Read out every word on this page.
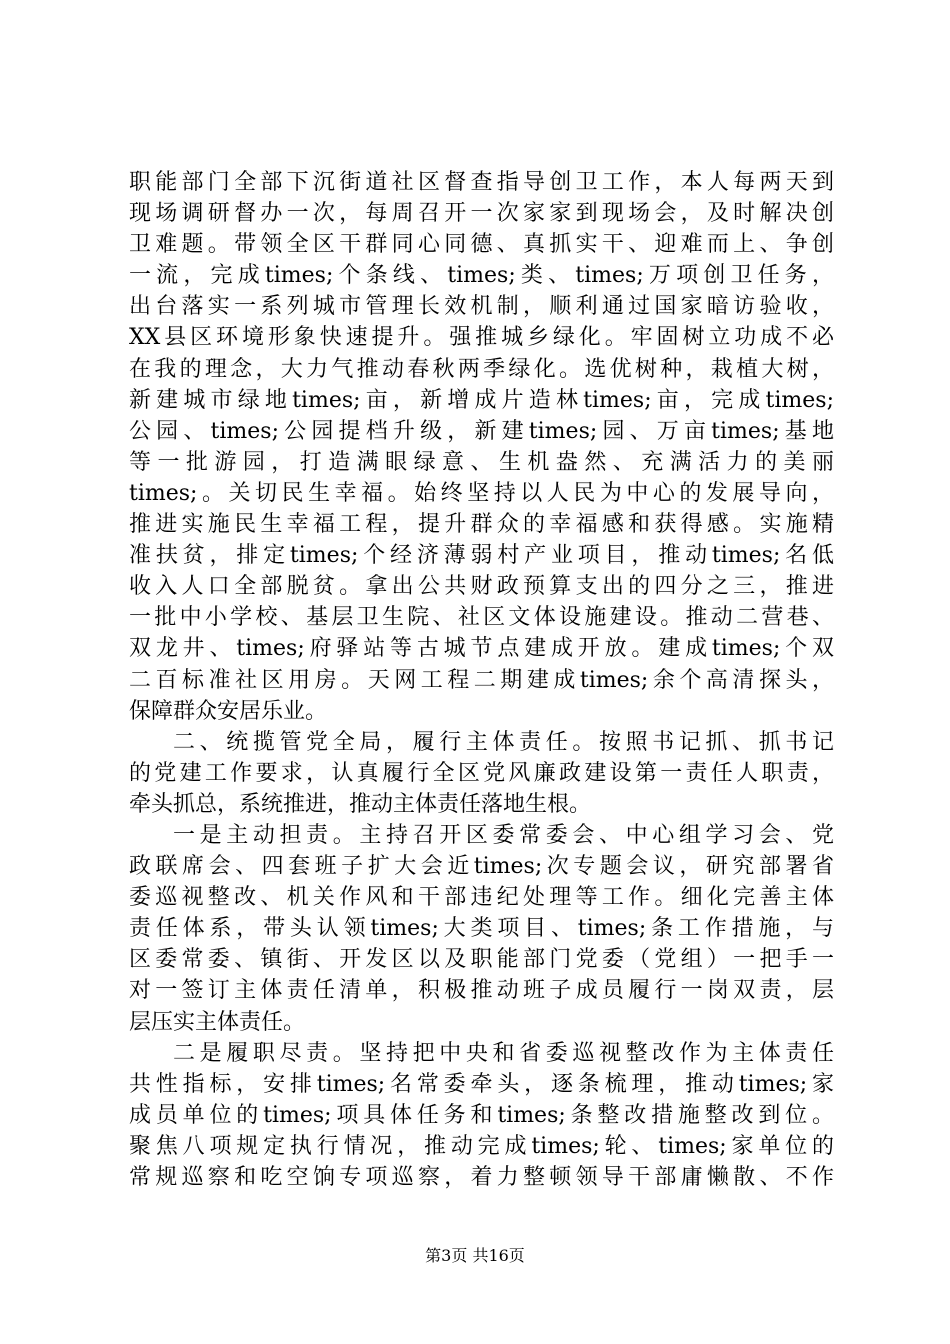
职能部门全部下沉街道社区督查指导创卫工作，本人每两天到
现场调研督办一次，每周召开一次家家到现场会，及时解决创
卫难题。带领全区干群同心同德、真抓实干、迎难而上、争创
一流，完成times;个条线、times;类、times;万项创卫任务，
出台落实一系列城市管理长效机制，顺利通过国家暗访验收，
XX县区环境形象快速提升。强推城乡绿化。牢固树立功成不必
在我的理念，大力气推动春秋两季绿化。选优树种，栽植大树，
新建城市绿地times;亩，新增成片造林times;亩，完成times;
公园、times;公园提档升级，新建times;园、万亩times;基地
等一批游园，打造满眼绿意、生机盎然、充满活力的美丽
times;。关切民生幸福。始终坚持以人民为中心的发展导向，
推进实施民生幸福工程，提升群众的幸福感和获得感。实施精
准扶贫，排定times;个经济薄弱村产业项目，推动times;名低
收入人口全部脱贫。拿出公共财政预算支出的四分之三，推进
一批中小学校、基层卫生院、社区文体设施建设。推动二营巷、
双龙井、times;府驿站等古城节点建成开放。建成times;个双
二百标准社区用房。天网工程二期建成times;余个高清探头，
保障群众安居乐业。
二、统揽管党全局，履行主体责任。按照书记抓、抓书记
的党建工作要求，认真履行全区党风廉政建设第一责任人职责，
牵头抓总，系统推进，推动主体责任落地生根。
一是主动担责。主持召开区委常委会、中心组学习会、党
政联席会、四套班子扩大会近times;次专题会议，研究部署省
委巡视整改、机关作风和干部违纪处理等工作。细化完善主体
责任体系，带头认领times;大类项目、times;条工作措施，与
区委常委、镇街、开发区以及职能部门党委（党组）一把手一
对一签订主体责任清单，积极推动班子成员履行一岗双责，层
层压实主体责任。
二是履职尽责。坚持把中央和省委巡视整改作为主体责任
共性指标，安排times;名常委牵头，逐条梳理，推动times;家
成员单位的times;项具体任务和times;条整改措施整改到位。
聚焦八项规定执行情况，推动完成times;轮、times;家单位的
常规巡察和吃空饷专项巡察，着力整顿领导干部庸懒散、不作
第3页 共16页
